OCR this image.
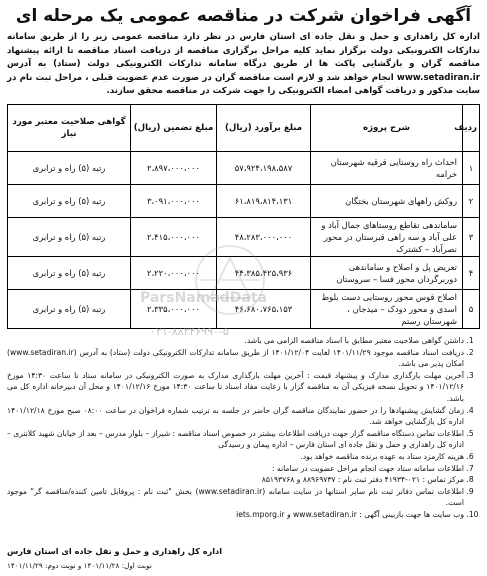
آگهی فراخوان شرکت در مناقصه عمومی یک مرحله ای

اداره کل راهداری و حمل و نقل جاده ای استان فارس در نظر دارد مناقصه عمومی زیر را از طریق سامانه تدارکات الکترونیکی دولت برگزار نماید کلیه مراحل برگزاری مناقصه از دریافت اسناد مناقصه تا ارائه پیشنهاد مناقصه گران و بازگشایی پاکت ها از طریق درگاه سامانه تدارکات الکترونیکی دولت (ستاد) به آدرس www.setadiran.ir انجام خواهد شد و لازم است مناقصه گران در صورت عدم عضویت قبلی ، مراحل ثبت نام در سایت مذکور و دریافت گواهی امضاء الکترونیکی را جهت شرکت در مناقصه محقق سازند.

ردیف	شرح پروژه	مبلغ برآورد (ریال)	مبلغ تضمین (ریال)	گواهی صلاحیت معتبر مورد نیاز
۱	احداث راه روستایی قرقیه شهرستان خرامه	۵۷،۹۲۴،۱۹۸،۵۸۷	۲،۸۹۷،۰۰۰،۰۰۰	رتبه (۵) راه و ترابری
۲	روکش راههای شهرستان بختگان	۶۱،۸۱۹،۸۱۴،۱۳۱	۳،۰۹۱،۰۰۰،۰۰۰	رتبه (۵) راه و ترابری
۳	ساماندهی تقاطع روستاهای جمال آباد و علی آباد و سه راهی قبرستان در محور نصرآباد – کشترک	۴۸،۲۸۳،۰۰۰،۰۰۰	۲،۴۱۵،۰۰۰،۰۰۰	رتبه (۵) راه و ترابری
۴	تعریض پل و اصلاح و ساماندهی دوربرگردان محور فسا – سروستان	۴۴،۳۸۵،۴۲۵،۹۳۶	۲،۲۲۰،۰۰۰،۰۰۰	رتبه (۵) راه و ترابری
۵	اصلاح قوس محور روستایی دست بلوط اسدی و محور دودک – میدجان ، شهرستان رستم	۴۶،۶۸۰،۷۶۵،۱۵۳	۲،۳۳۵،۰۰۰،۰۰۰	رتبه (۵) راه و ترابری
1. داشتن گواهی صلاحیت معتبر مطابق با اسناد مناقصه الزامی می باشد.
2. دریافت اسناد مناقصه موجود ۱۴۰۱/۱۱/۲۹ لغایت ۱۴۰۱/۱۲/۰۴ از طریق سامانه تدارکات الکترونیکی دولت (ستاد) به آدرس (www.setadiran.ir) امکان پذیر می باشد.
3. آخرین مهلت بارگذاری مدارک و پیشنهاد قیمت : آخرین مهلت بارگذاری مدارک به صورت الکترونیکی در سامانه ستاد تا ساعت ۱۴:۳۰ مورخ ۱۴۰۱/۱۲/۱۶ و تحویل نسخه فیزیکی آن به مناقصه گزار با رعایت مفاد اسناد تا ساعت ۱۴:۳۰ مورخ ۱۴۰۱/۱۲/۱۶ و محل آن دبیرخانه اداره کل می باشد.
4. زمان گشایش پیشنهادها را در حضور نمایندگان مناقصه گران حاضر در جلسه به ترتیب شماره فراخوان در ساعت ۰۸:۰۰ صبح مورخ ۱۴۰۱/۱۲/۱۸ اداره کل بازگشایی خواهد شد.
5. اطلاعات تماس دستگاه مناقصه گزار جهت دریافت اطلاعات بیشتر در خصوص اسناد مناقصه : شیراز – بلوار مدرس – بعد از خیابان شهید کلانتری – اداره کل راهداری و حمل و نقل جاده ای استان فارس – اداره پیمان و رسیدگی
6. هزینه کارمزد ستاد به عهده برنده مناقصه خواهد بود.
7. اطلاعات سامانه ستاد جهت انجام مراحل عضویت در سامانه :
8. مرکز تماس : ۰۲۱-۴۱۹۳۴ دفتر ثبت نام : ۸۸۹۶۹۷۳۷ و ۸۵۱۹۳۷۶۸
9. اطلاعات تماس دفاتر ثبت نام سایر استانها در سایت سامانه (www.setadiran.ir) بخش "ثبت نام : پروفایل تامین کننده/مناقصه گر" موجود است.
10. وب سایت ها جهت بازبینی آگهی : www.setadiran.ir و iets.mporg.ir
اداره کل راهداری و حمل و نقل جاده ای استان فارس
نوبت اول: ۱۴۰۱/۱۱/۲۸ و نوبت دوم: ۱۴۰۱/۱۱/۲۹
ParsNamadData
۰۲۱-۸۸۳۴۶۹۹۰-۵
